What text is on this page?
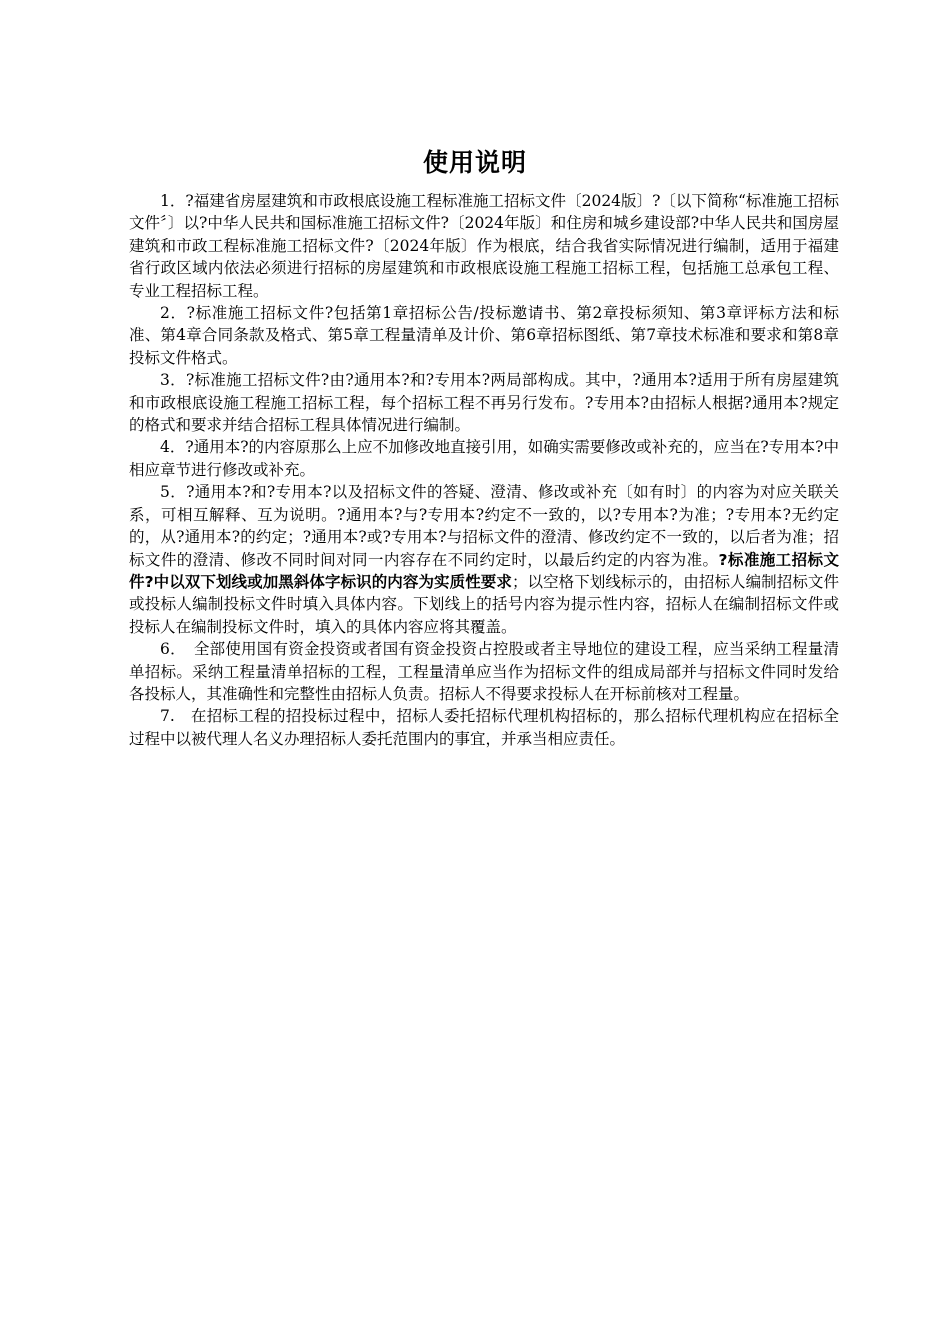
使用说明

1．?福建省房屋建筑和市政根底设施工程标准施工招标文件〔2024版〕?〔以下简称“标准施工招标文件〞〕以?中华人民共和国标准施工招标文件?〔2024年版〕和住房和城乡建设部?中华人民共和国房屋建筑和市政工程标准施工招标文件?〔2024年版〕作为根底，结合我省实际情况进行编制，适用于福建省行政区域内依法必须进行招标的房屋建筑和市政根底设施工程施工招标工程，包括施工总承包工程、专业工程招标工程。

2．?标准施工招标文件?包括第1章招标公告/投标邀请书、第2章投标须知、第3章评标方法和标准、第4章合同条款及格式、第5章工程量清单及计价、第6章招标图纸、第7章技术标准和要求和第8章投标文件格式。

3．?标准施工招标文件?由?通用本?和?专用本?两局部构成。其中，?通用本?适用于所有房屋建筑和市政根底设施工程施工招标工程，每个招标工程不再另行发布。?专用本?由招标人根据?通用本?规定的格式和要求并结合招标工程具体情况进行编制。

4．?通用本?的内容原那么上应不加修改地直接引用，如确实需要修改或补充的，应当在?专用本?中相应章节进行修改或补充。

5．?通用本?和?专用本?以及招标文件的答疑、澄清、修改或补充〔如有时〕的内容为对应关联关系，可相互解释、互为说明。?通用本?与?专用本?约定不一致的，以?专用本?为准；?专用本?无约定的，从?通用本?的约定；?通用本?或?专用本?与招标文件的澄清、修改约定不一致的，以后者为准；招标文件的澄清、修改不同时间对同一内容存在不同约定时，以最后约定的内容为准。?标准施工招标文件?中以双下划线或加黑斜体字标识的内容为实质性要求；以空格下划线标示的，由招标人编制招标文件或投标人编制投标文件时填入具体内容。下划线上的括号内容为提示性内容，招标人在编制招标文件或投标人在编制投标文件时，填入的具体内容应将其覆盖。

6．　全部使用国有资金投资或者国有资金投资占控股或者主导地位的建设工程，应当采纳工程量清单招标。采纳工程量清单招标的工程，工程量清单应当作为招标文件的组成局部并与招标文件同时发给各投标人，其准确性和完整性由招标人负责。招标人不得要求投标人在开标前核对工程量。

7.　在招标工程的招投标过程中，招标人委托招标代理机构招标的，那么招标代理机构应在招标全过程中以被代理人名义办理招标人委托范围内的事宜，并承当相应责任。
